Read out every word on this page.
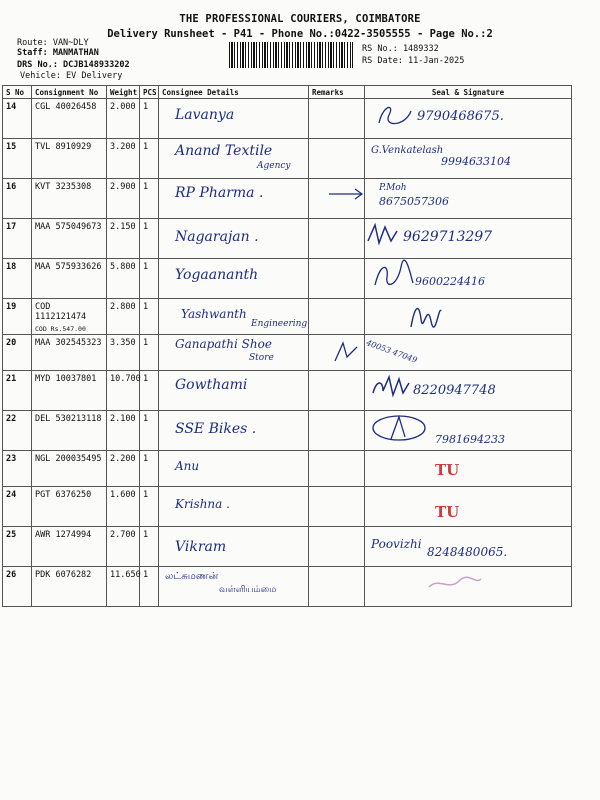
THE PROFESSIONAL COURIERS, COIMBATORE
Delivery Runsheet - P41 - Phone No.:0422-3505555 - Page No.:2
Route: VAN~DLY
Staff: MANMATHAN
DRS No.: DCJB148933202
Vehicle: EV Delivery
RS No.: 1489332
RS Date: 11-Jan-2025
S No	Consignment No	Weight	PCS	Consignee Details	Remarks	Seal & Signature
14	CGL 40026458	2.000	1	Lavanya		9790468675.

15	TVL 8910929	3.200	1	Anand Textile
Agency		G.Venkatelash
9994633104

16	KVT 3235308	2.900	1	RP Pharma .		P.Moh
8675057306

17	MAA 575049673	2.150	1	Nagarajan .		9629713297

18	MAA 575933626	5.800	1	Yogaananth		9600224416

19	COD 1112121474
COD Rs.547.00	2.800	1	Yashwanth
Engineering

20	MAA 302545323	3.350	1	Ganapathi Shoe
Store		40053 47049

21	MYD 10037801	10.700	1	Gowthami		8220947748

22	DEL 530213118	2.100	1	SSE Bikes .		7981694233

23	NGL 200035495	2.200	1	Anu		TU

24	PGT 6376250	1.600	1	Krishna .		TU

25	AWR 1274994	2.700	1	Vikram		Poovizhi
8248480065.

26	PDK 6076282	11.650	1	லட்சுமணன்
வள்ளியம்மை
